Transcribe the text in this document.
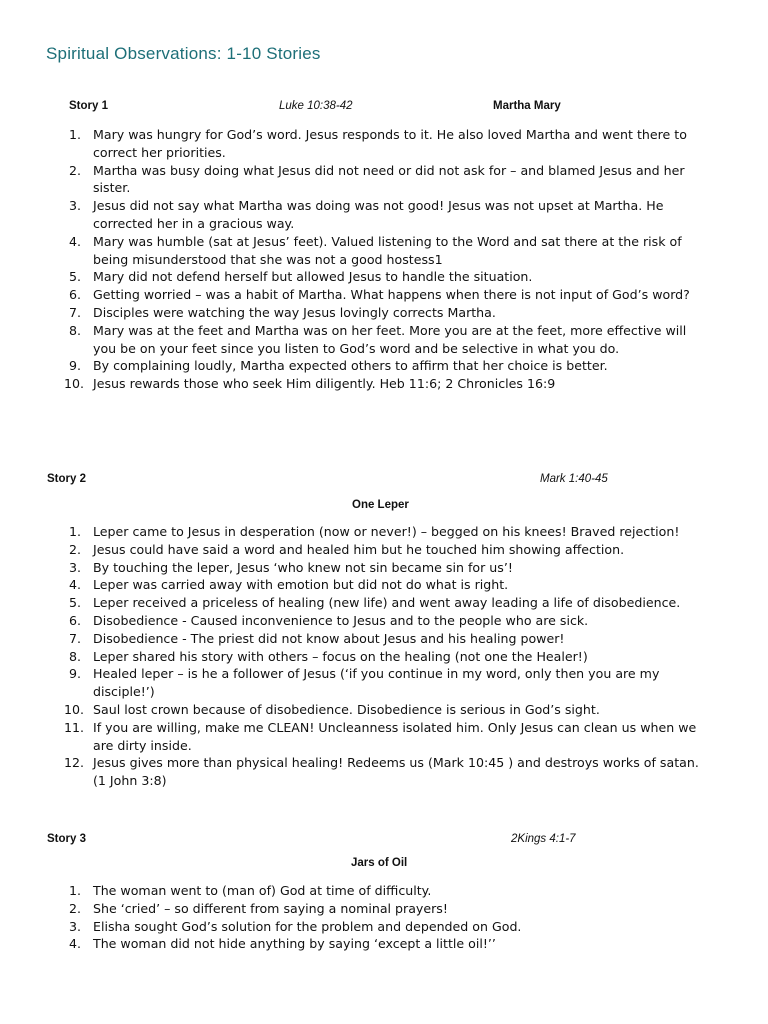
Spiritual Observations: 1-10 Stories
Story 1	Luke 10:38-42	Martha Mary
1. Mary was hungry for God’s word. Jesus responds to it. He also loved Martha and went there to correct her priorities.
2. Martha was busy doing what Jesus did not need or did not ask for – and blamed Jesus and her sister.
3. Jesus did not say what Martha was doing was not good! Jesus was not upset at Martha. He corrected her in a gracious way.
4. Mary was humble (sat at Jesus’ feet). Valued listening to the Word and sat there at the risk of being misunderstood that she was not a good hostess1
5. Mary did not defend herself but allowed Jesus to handle the situation.
6. Getting worried – was a habit of Martha. What happens when there is not input of God’s word?
7. Disciples were watching the way Jesus lovingly corrects Martha.
8. Mary was at the feet and Martha was on her feet. More you are at the feet, more effective will you be on your feet since you listen to God’s word and be selective in what you do.
9. By complaining loudly, Martha expected others to affirm that her choice is better.
10. Jesus rewards those who seek Him diligently. Heb 11:6; 2 Chronicles 16:9
Story 2	Mark 1:40-45
One Leper
1. Leper came to Jesus in desperation (now or never!) – begged on his knees! Braved rejection!
2. Jesus could have said a word and healed him but he touched him showing affection.
3. By touching the leper, Jesus ‘who knew not sin became sin for us’!
4. Leper was carried away with emotion but did not do what is right.
5. Leper received a priceless of healing (new life) and went away leading a life of disobedience.
6. Disobedience - Caused inconvenience to Jesus and to the people who are sick.
7. Disobedience - The priest did not know about Jesus and his healing power!
8. Leper shared his story with others – focus on the healing (not one the Healer!)
9. Healed leper – is he a follower of Jesus (‘if you continue in my word, only then you are my disciple!’)
10. Saul lost crown because of disobedience. Disobedience is serious in God’s sight.
11. If you are willing, make me CLEAN! Uncleanness isolated him. Only Jesus can clean us when we are dirty inside.
12. Jesus gives more than physical healing! Redeems us (Mark 10:45 ) and destroys works of satan. (1 John 3:8)
Story 3	2Kings 4:1-7
Jars of Oil
1. The woman went to (man of) God at time of difficulty.
2. She ‘cried’ – so different from saying a nominal prayers!
3. Elisha sought God’s solution for the problem and depended on God.
4. The woman did not hide anything by saying ‘except a little oil!’’
